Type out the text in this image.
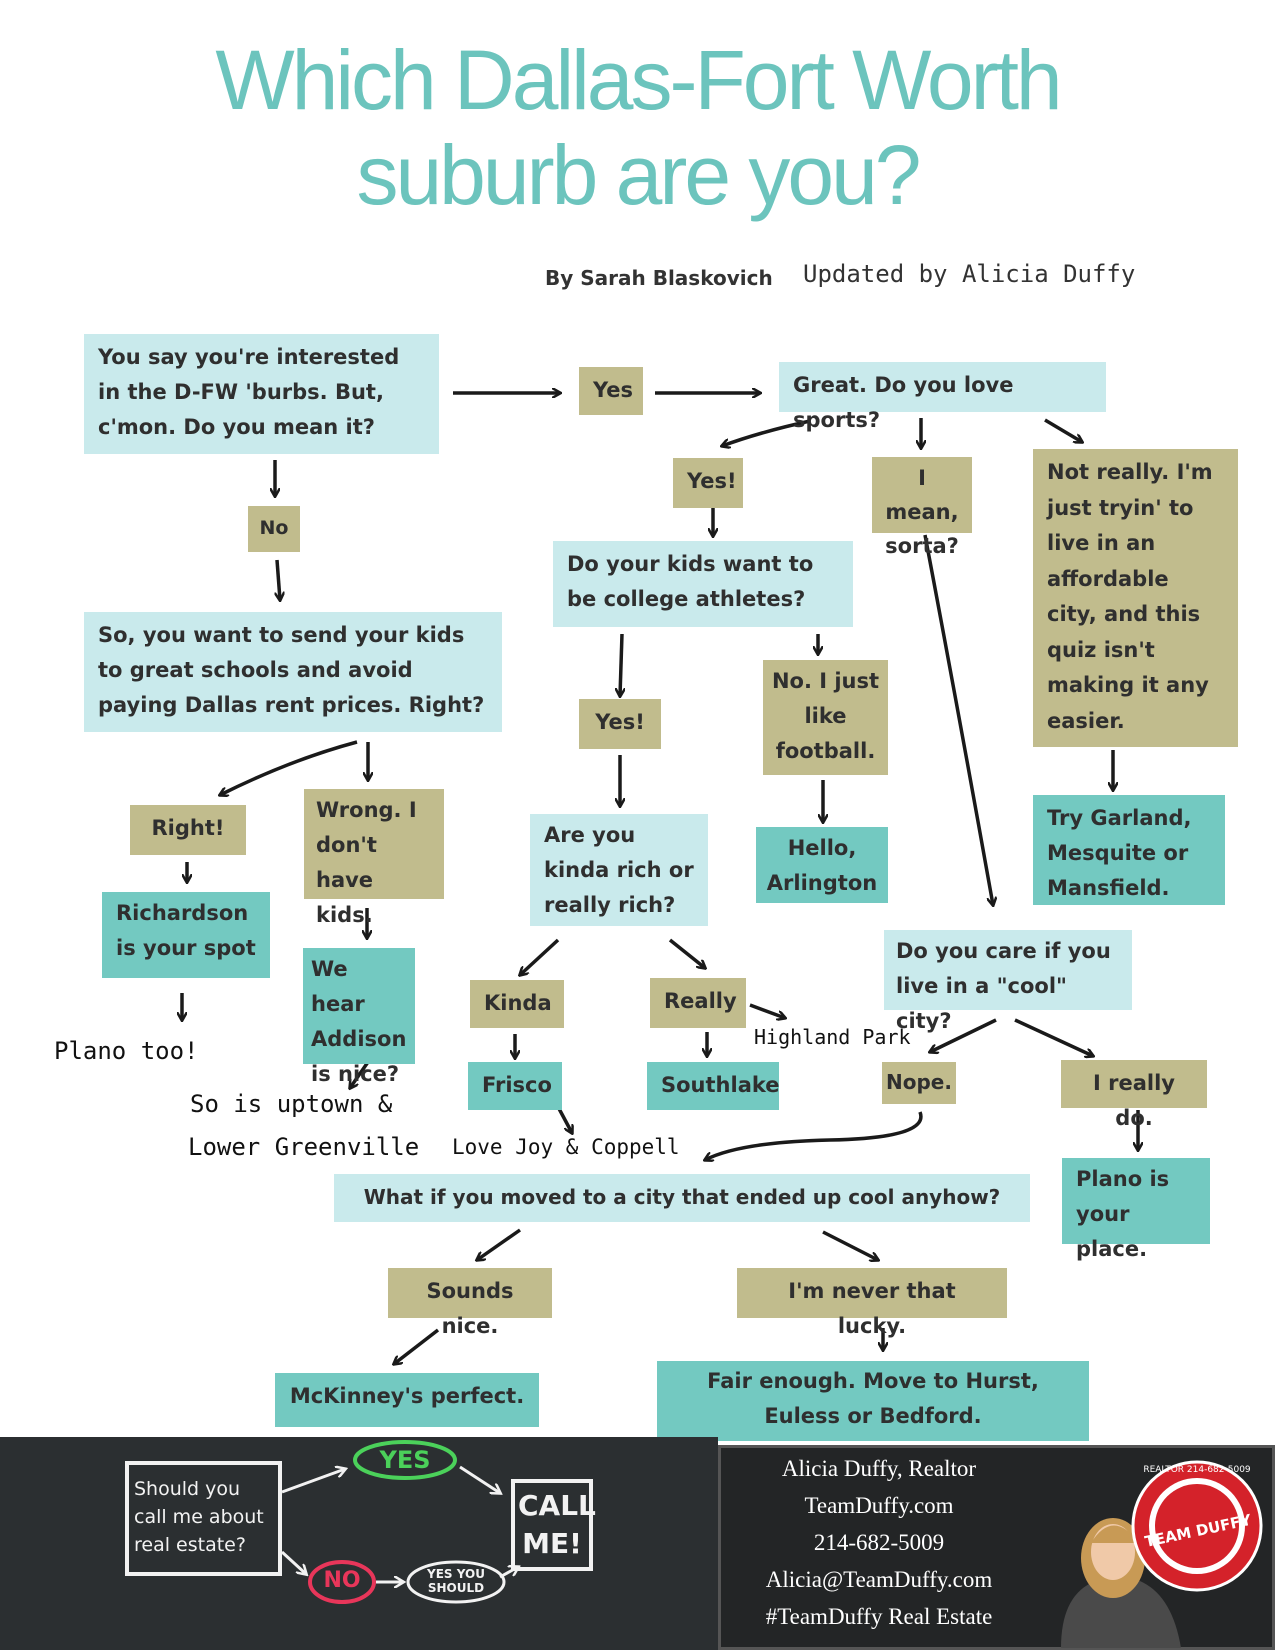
Which Dallas-Fort Worth
suburb are you?
By Sarah Blaskovich Updated by Alicia Duffy
You say you're interested in the D-FW 'burbs. But, c'mon. Do you mean it?
Yes
No
Great. Do you love sports?
Yes!	I mean, sorta?
Not really. I'm just tryin' to live in an affordable city, and this quiz isn't making it any easier.
Try Garland, Mesquite or Mansfield.
Do your kids want to be college athletes?
Yes!
No. I just like football.
Hello, Arlington
Are you kinda rich or really rich?
Kinda	Really
Frisco	Southlake
So, you want to send your kids to great schools and avoid paying Dallas rent prices. Right?
Right!
Wrong. I don't have kids.
Richardson is your spot
We hear Addison is nice?
Do you care if you live in a "cool" city?
Nope.	I really do.
Plano is your place.
What if you moved to a city that ended up cool anyhow?
Sounds nice.
I'm never that lucky.
McKinney's perfect.
Fair enough. Move to Hurst, Euless or Bedford.
Plano too!
So is uptown &
Lower Greenville Love Joy & Coppell
Highland Park
Should you call me about real estate?
YES
NO
CALL ME!
YES YOU SHOULD
Alicia Duffy, Realtor
TeamDuffy.com
214-682-5009
Alicia@TeamDuffy.com
#TeamDuffy Real Estate
TEAM DUFFY
REALTOR 214-682-5009
